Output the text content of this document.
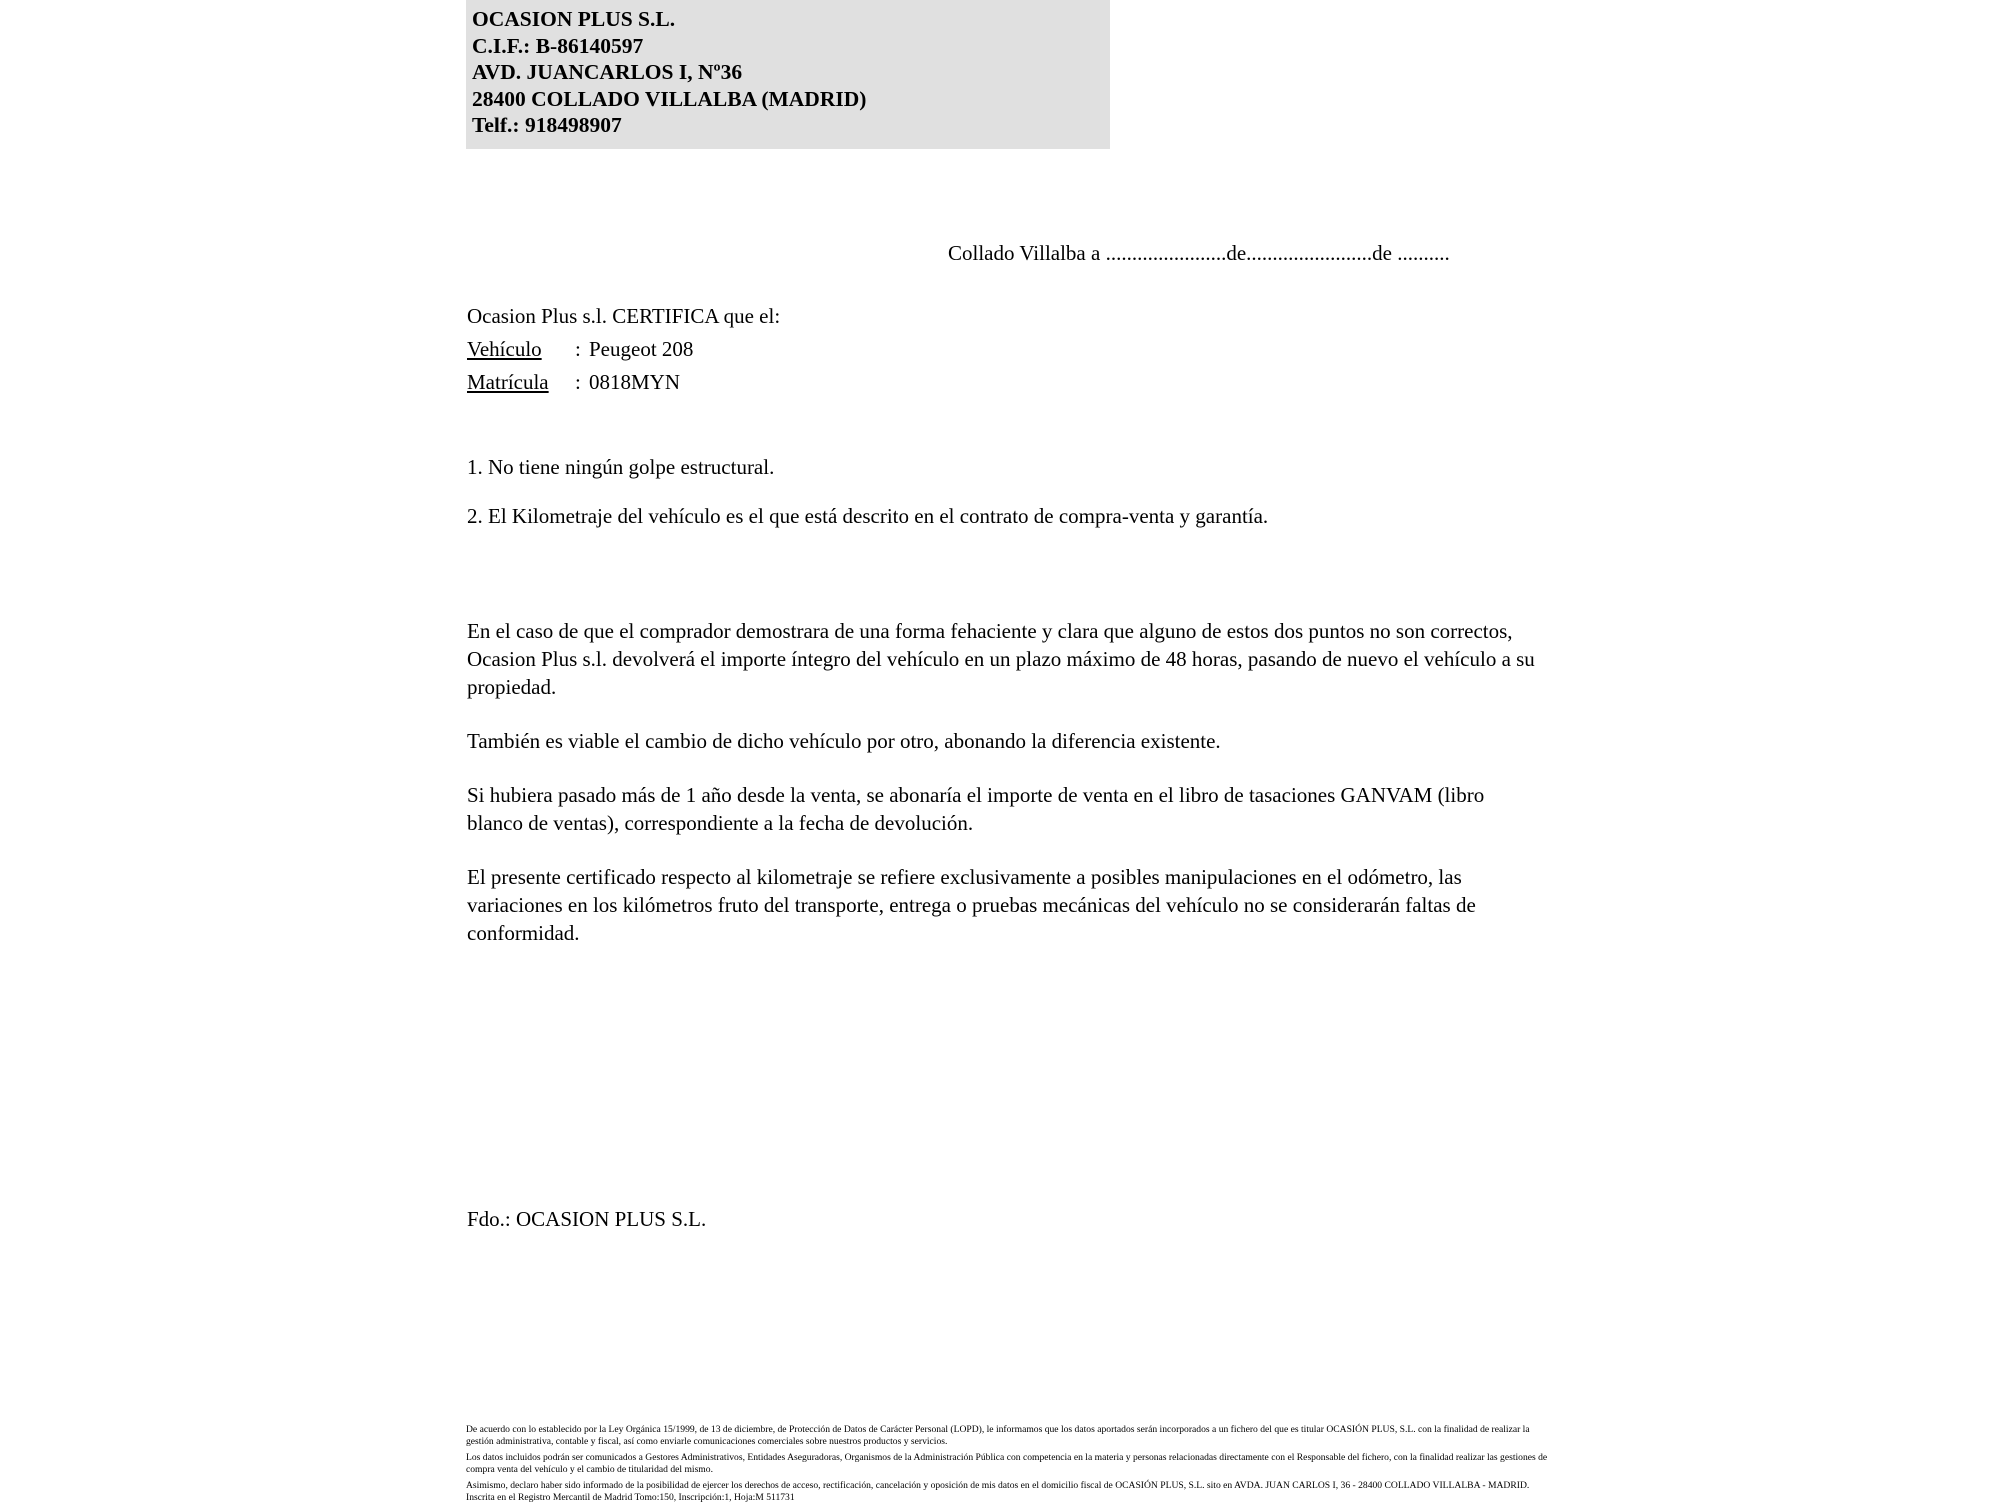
OCASION PLUS S.L.
C.I.F.: B-86140597
AVD. JUANCARLOS I, Nº36
28400 COLLADO VILLALBA (MADRID)
Telf.: 918498907
Collado Villalba a .......................de........................de ..........
Ocasion Plus s.l. CERTIFICA que el:
Vehículo : Peugeot 208
Matrícula : 0818MYN
1. No tiene ningún golpe estructural.
2. El Kilometraje del vehículo es el que está descrito en el contrato de compra-venta y garantía.

En el caso de que el comprador demostrara de una forma fehaciente y clara que alguno de estos dos puntos no son correctos, Ocasion Plus s.l. devolverá el importe íntegro del vehículo en un plazo máximo de 48 horas, pasando de nuevo el vehículo a su propiedad.

También es viable el cambio de dicho vehículo por otro, abonando la diferencia existente.

Si hubiera pasado más de 1 año desde la venta, se abonaría el importe de venta en el libro de tasaciones GANVAM (libro blanco de ventas), correspondiente a la fecha de devolución.

El presente certificado respecto al kilometraje se refiere exclusivamente a posibles manipulaciones en el odómetro, las variaciones en los kilómetros fruto del transporte, entrega o pruebas mecánicas del vehículo no se considerarán faltas de conformidad.

Fdo.: OCASION PLUS S.L.

De acuerdo con lo establecido por la Ley Orgánica 15/1999, de 13 de diciembre, de Protección de Datos de Carácter Personal (LOPD), le informamos que los datos aportados serán incorporados a un fichero del que es titular OCASIÓN PLUS, S.L. con la finalidad de realizar la gestión administrativa, contable y fiscal, así como enviarle comunicaciones comerciales sobre nuestros productos y servicios.

Los datos incluidos podrán ser comunicados a Gestores Administrativos, Entidades Aseguradoras, Organismos de la Administración Pública con competencia en la materia y personas relacionadas directamente con el Responsable del fichero, con la finalidad realizar las gestiones de compra venta del vehículo y el cambio de titularidad del mismo.

Asimismo, declaro haber sido informado de la posibilidad de ejercer los derechos de acceso, rectificación, cancelación y oposición de mis datos en el domicilio fiscal de OCASIÓN PLUS, S.L. sito en AVDA. JUAN CARLOS I, 36 - 28400 COLLADO VILLALBA - MADRID. Inscrita en el Registro Mercantil de Madrid Tomo:150, Inscripción:1, Hoja:M 511731
